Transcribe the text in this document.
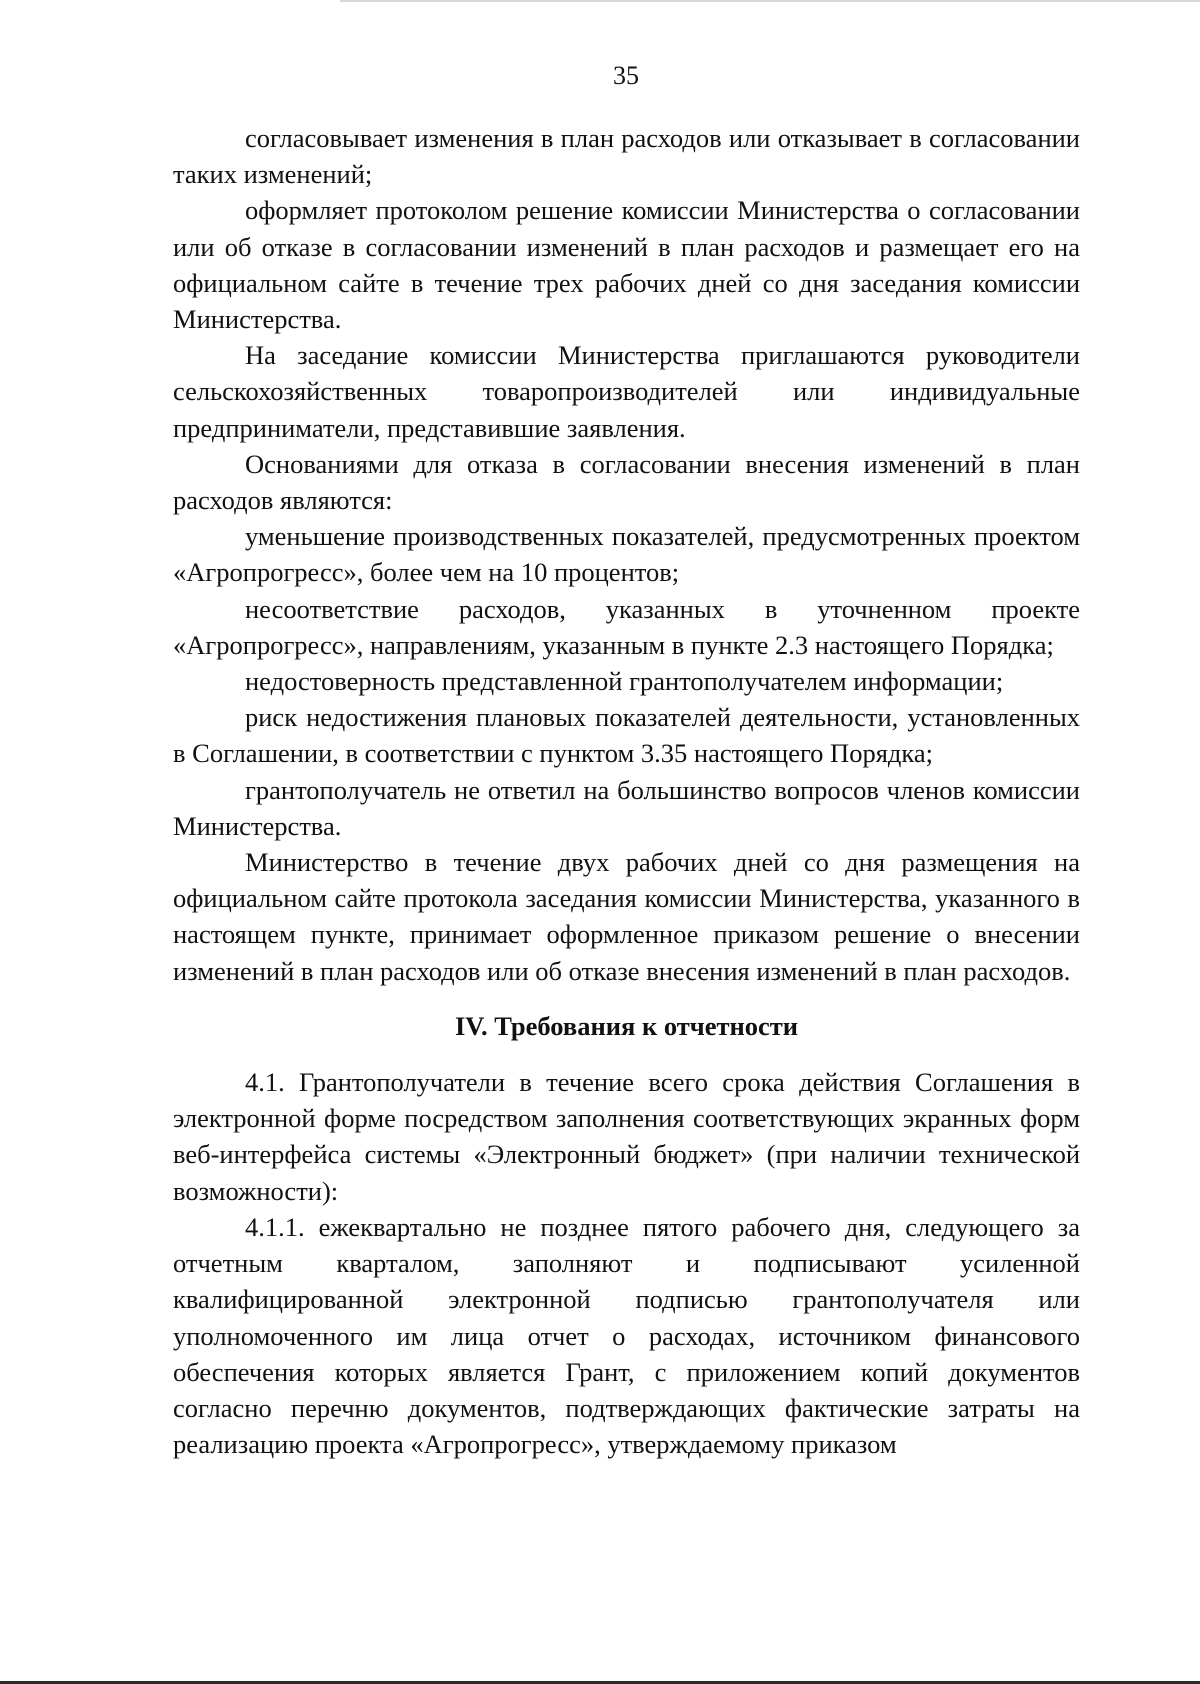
35

согласовывает изменения в план расходов или отказывает в согласовании таких изменений;

оформляет протоколом решение комиссии Министерства о согласовании или об отказе в согласовании изменений в план расходов и размещает его на официальном сайте в течение трех рабочих дней со дня заседания комиссии Министерства.

На заседание комиссии Министерства приглашаются руководители сельскохозяйственных товаропроизводителей или индивидуальные предприниматели, представившие заявления.

Основаниями для отказа в согласовании внесения изменений в план расходов являются:

уменьшение производственных показателей, предусмотренных проектом «Агропрогресс», более чем на 10 процентов;

несоответствие расходов, указанных в уточненном проекте «Агропрогресс», направлениям, указанным в пункте 2.3 настоящего Порядка;

недостоверность представленной грантополучателем информации;

риск недостижения плановых показателей деятельности, установленных в Соглашении, в соответствии с пунктом 3.35 настоящего Порядка;

грантополучатель не ответил на большинство вопросов членов комиссии Министерства.

Министерство в течение двух рабочих дней со дня размещения на официальном сайте протокола заседания комиссии Министерства, указанного в настоящем пункте, принимает оформленное приказом решение о внесении изменений в план расходов или об отказе внесения изменений в план расходов.

IV. Требования к отчетности

4.1. Грантополучатели в течение всего срока действия Соглашения в электронной форме посредством заполнения соответствующих экранных форм веб-интерфейса системы «Электронный бюджет» (при наличии технической возможности):

4.1.1. ежеквартально не позднее пятого рабочего дня, следующего за отчетным кварталом, заполняют и подписывают усиленной квалифицированной электронной подписью грантополучателя или уполномоченного им лица отчет о расходах, источником финансового обеспечения которых является Грант, с приложением копий документов согласно перечню документов, подтверждающих фактические затраты на реализацию проекта «Агропрогресс», утверждаемому приказом
